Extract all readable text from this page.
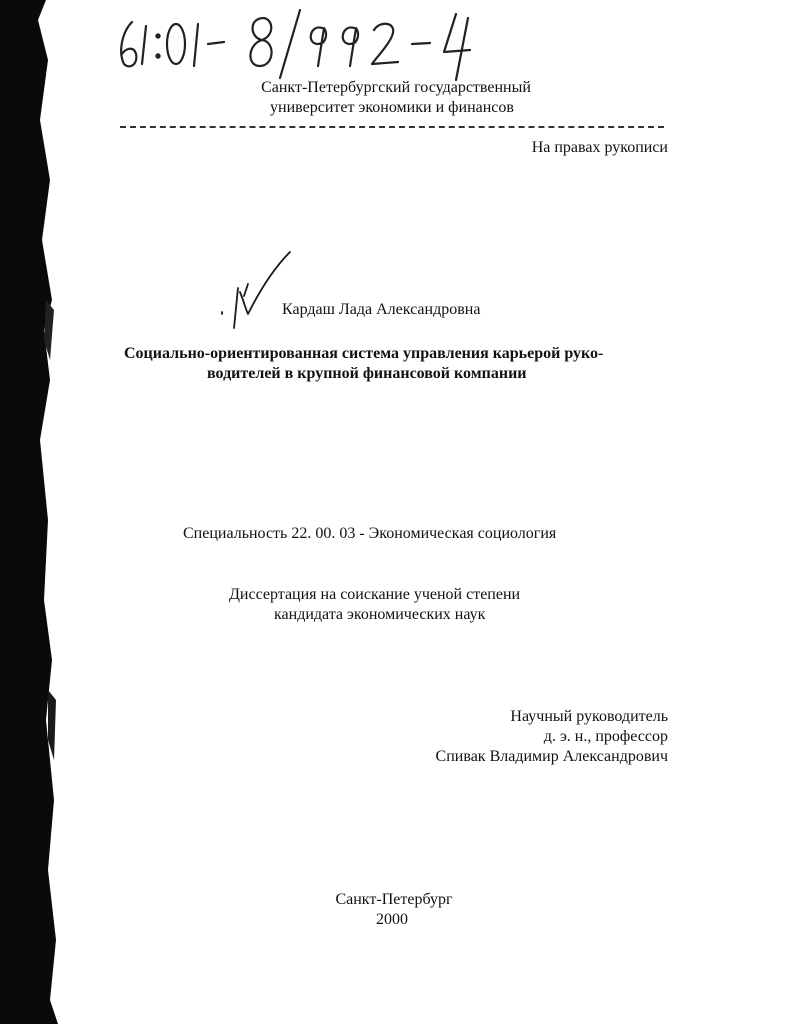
Санкт-Петербургский государственный
университет экономики и финансов
На правах рукописи
Кардаш Лада Александровна
Социально-ориентированная система управления карьерой руко-
водителей в крупной финансовой компании
Специальность 22. 00. 03 - Экономическая социология
Диссертация на соискание ученой степени
кандидата экономических наук
Научный руководитель
д. э. н., профессор
Спивак Владимир Александрович
Санкт-Петербург
2000
